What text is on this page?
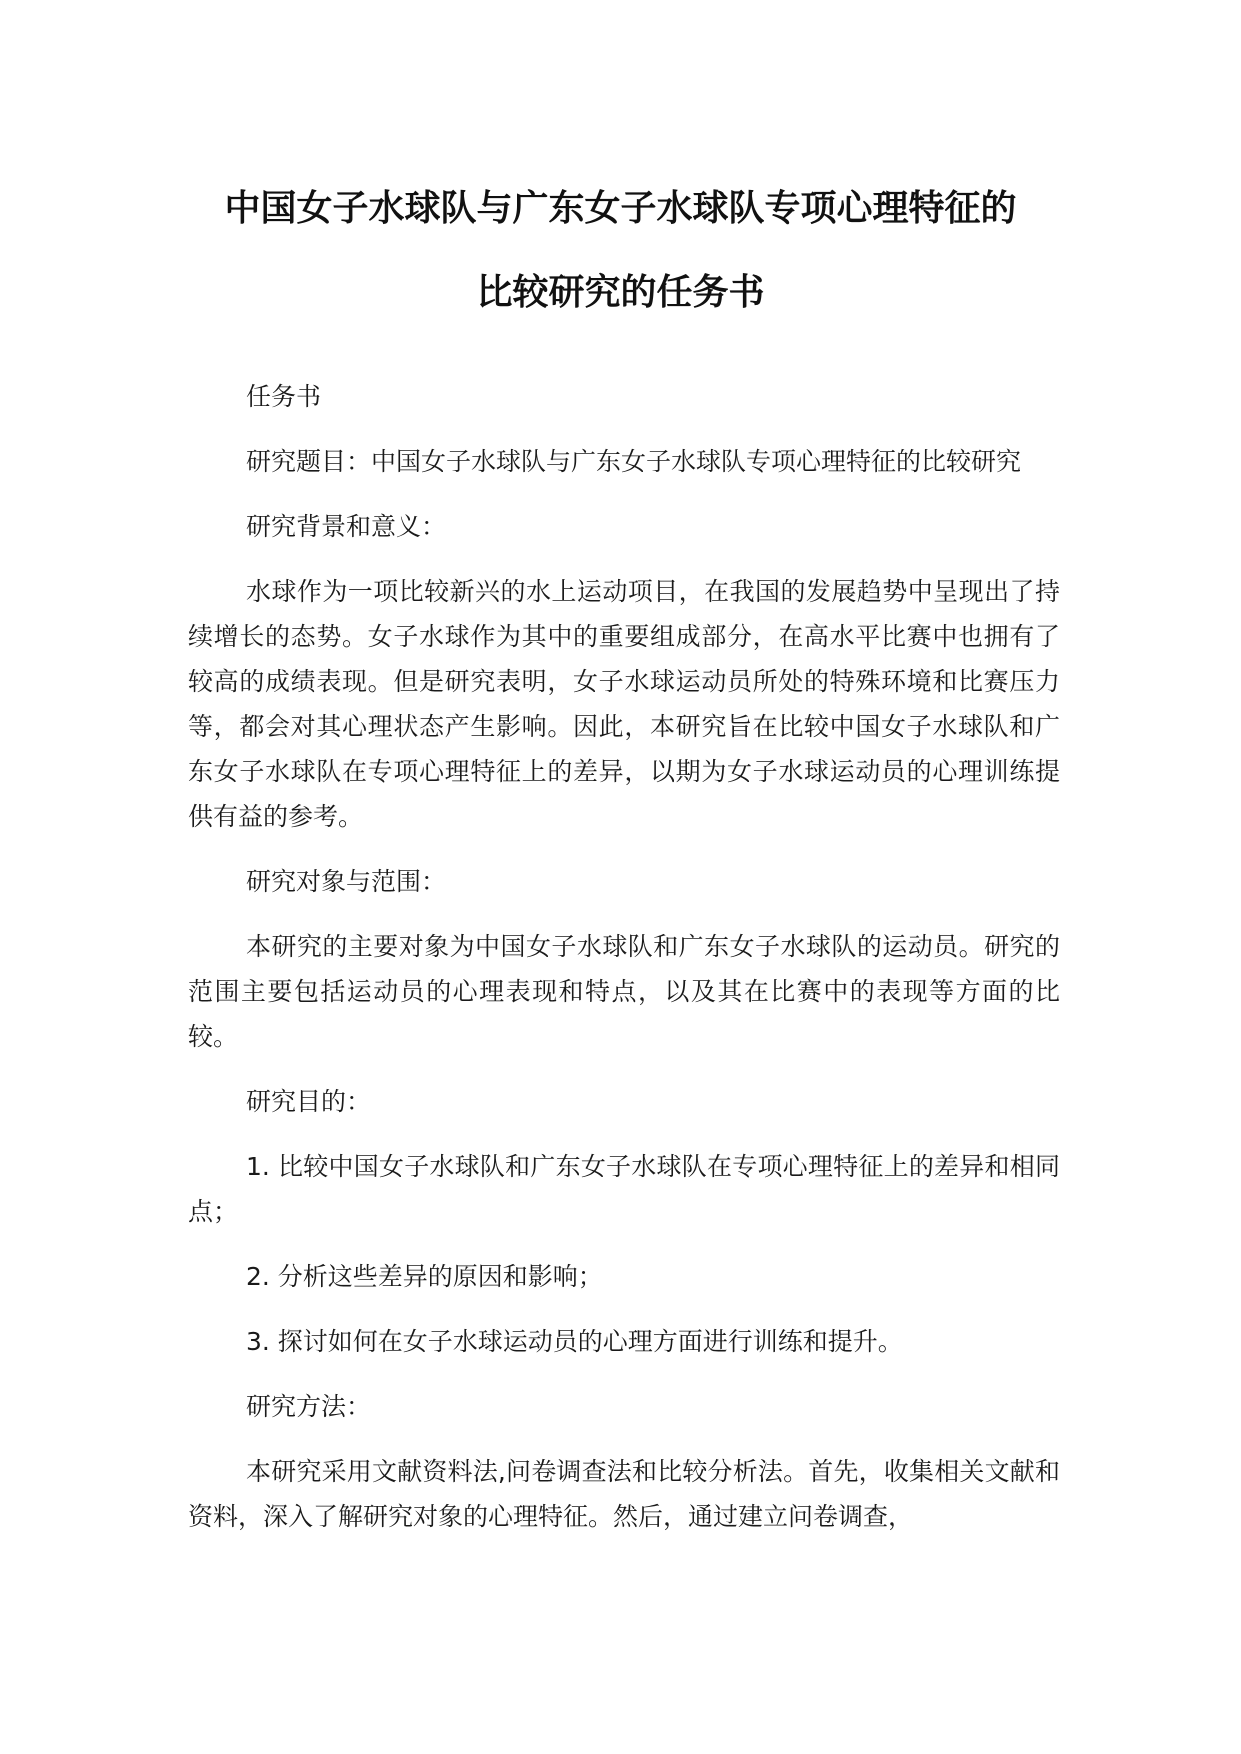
中国女子水球队与广东女子水球队专项心理特征的
比较研究的任务书

任务书

研究题目：中国女子水球队与广东女子水球队专项心理特征的比较研究

研究背景和意义：

水球作为一项比较新兴的水上运动项目，在我国的发展趋势中呈现出了持续增长的态势。女子水球作为其中的重要组成部分，在高水平比赛中也拥有了较高的成绩表现。但是研究表明，女子水球运动员所处的特殊环境和比赛压力等，都会对其心理状态产生影响。因此，本研究旨在比较中国女子水球队和广东女子水球队在专项心理特征上的差异，以期为女子水球运动员的心理训练提供有益的参考。

研究对象与范围：

本研究的主要对象为中国女子水球队和广东女子水球队的运动员。研究的范围主要包括运动员的心理表现和特点，以及其在比赛中的表现等方面的比较。

研究目的：

1. 比较中国女子水球队和广东女子水球队在专项心理特征上的差异和相同点；

2. 分析这些差异的原因和影响；

3. 探讨如何在女子水球运动员的心理方面进行训练和提升。

研究方法：

本研究采用文献资料法,问卷调查法和比较分析法。首先，收集相关文献和资料，深入了解研究对象的心理特征。然后，通过建立问卷调查，
